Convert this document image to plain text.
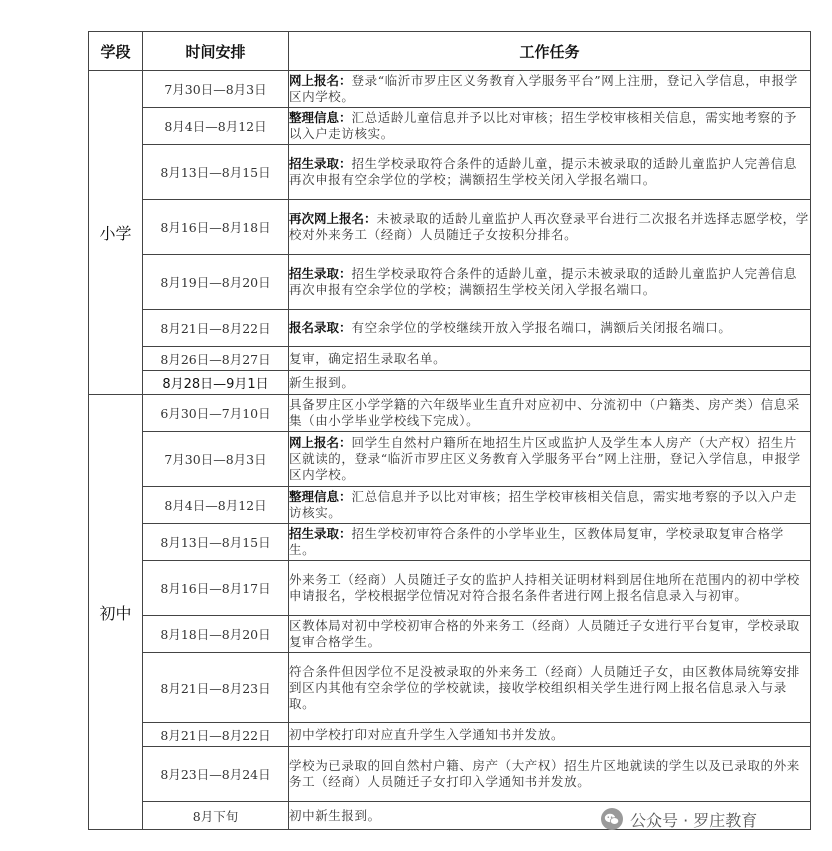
学段	时间安排	工作任务
小学	7月30日—8月3日	网上报名：登录“临沂市罗庄区义务教育入学服务平台”网上注册，登记入学信息，申报学区内学校。
	8月4日—8月12日	整理信息：汇总适龄儿童信息并予以比对审核；招生学校审核相关信息，需实地考察的予以入户走访核实。
	8月13日—8月15日	招生录取：招生学校录取符合条件的适龄儿童，提示未被录取的适龄儿童监护人完善信息再次申报有空余学位的学校；满额招生学校关闭入学报名端口。
	8月16日—8月18日	再次网上报名：未被录取的适龄儿童监护人再次登录平台进行二次报名并选择志愿学校，学校对外来务工（经商）人员随迁子女按积分排名。
	8月19日—8月20日	招生录取：招生学校录取符合条件的适龄儿童，提示未被录取的适龄儿童监护人完善信息再次申报有空余学位的学校；满额招生学校关闭入学报名端口。
	8月21日—8月22日	报名录取：有空余学位的学校继续开放入学报名端口，满额后关闭报名端口。
	8月26日—8月27日	复审，确定招生录取名单。
	8月28日—9月1日	新生报到。
初中	6月30日—7月10日	具备罗庄区小学学籍的六年级毕业生直升对应初中、分流初中（户籍类、房产类）信息采集（由小学毕业学校线下完成）。
	7月30日—8月3日	网上报名：回学生自然村户籍所在地招生片区或监护人及学生本人房产（大产权）招生片区就读的，登录“临沂市罗庄区义务教育入学服务平台”网上注册，登记入学信息，申报学区内学校。
	8月4日—8月12日	整理信息：汇总信息并予以比对审核；招生学校审核相关信息，需实地考察的予以入户走访核实。
	8月13日—8月15日	招生录取：招生学校初审符合条件的小学毕业生，区教体局复审，学校录取复审合格学生。
	8月16日—8月17日	外来务工（经商）人员随迁子女的监护人持相关证明材料到居住地所在范围内的初中学校申请报名，学校根据学位情况对符合报名条件者进行网上报名信息录入与初审。
	8月18日—8月20日	区教体局对初中学校初审合格的外来务工（经商）人员随迁子女进行平台复审，学校录取复审合格学生。
	8月21日—8月23日	符合条件但因学位不足没被录取的外来务工（经商）人员随迁子女，由区教体局统筹安排到区内其他有空余学位的学校就读，接收学校组织相关学生进行网上报名信息录入与录取。
	8月21日—8月22日	初中学校打印对应直升学生入学通知书并发放。
	8月23日—8月24日	学校为已录取的回自然村户籍、房产（大产权）招生片区地就读的学生以及已录取的外来务工（经商）人员随迁子女打印入学通知书并发放。
	8月下旬	初中新生报到。	公众号 · 罗庄教育
